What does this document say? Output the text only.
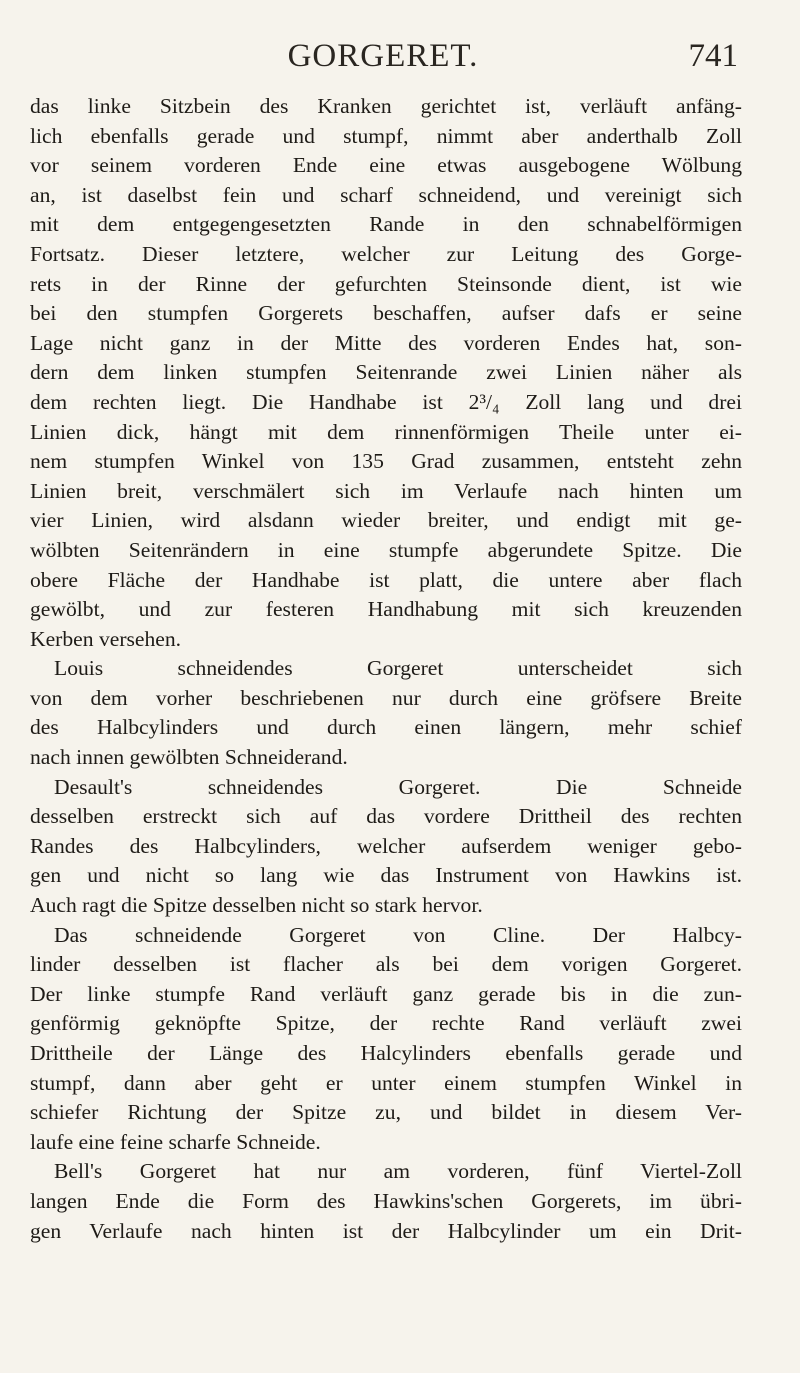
GORGERET.	741
das linke Sitzbein des Kranken gerichtet ist, verläuft anfäng-
lich ebenfalls gerade und stumpf, nimmt aber anderthalb Zoll
vor seinem vorderen Ende eine etwas ausgebogene Wölbung
an, ist daselbst fein und scharf schneidend, und vereinigt sich
mit dem entgegengesetzten Rande in den schnabelförmigen
Fortsatz. Dieser letztere, welcher zur Leitung des Gorge-
rets in der Rinne der gefurchten Steinsonde dient, ist wie
bei den stumpfen Gorgerets beschaffen, aufser dafs er seine
Lage nicht ganz in der Mitte des vorderen Endes hat, son-
dern dem linken stumpfen Seitenrande zwei Linien näher als
dem rechten liegt. Die Handhabe ist 2³/₄ Zoll lang und drei
Linien dick, hängt mit dem rinnenförmigen Theile unter ei-
nem stumpfen Winkel von 135 Grad zusammen, entsteht zehn
Linien breit, verschmälert sich im Verlaufe nach hinten um
vier Linien, wird alsdann wieder breiter, und endigt mit ge-
wölbten Seitenrändern in eine stumpfe abgerundete Spitze. Die
obere Fläche der Handhabe ist platt, die untere aber flach
gewölbt, und zur festeren Handhabung mit sich kreuzenden
Kerben versehen.
Louis schneidendes Gorgeret unterscheidet sich
von dem vorher beschriebenen nur durch eine gröfsere Breite
des Halbcylinders und durch einen längern, mehr schief
nach innen gewölbten Schneiderand.
Desault's schneidendes Gorgeret. Die Schneide
desselben erstreckt sich auf das vordere Drittheil des rechten
Randes des Halbcylinders, welcher aufserdem weniger gebo-
gen und nicht so lang wie das Instrument von Hawkins ist.
Auch ragt die Spitze desselben nicht so stark hervor.
Das schneidende Gorgeret von Cline. Der Halbcy-
linder desselben ist flacher als bei dem vorigen Gorgeret.
Der linke stumpfe Rand verläuft ganz gerade bis in die zun-
genförmig geknöpfte Spitze, der rechte Rand verläuft zwei
Drittheile der Länge des Halcylinders ebenfalls gerade und
stumpf, dann aber geht er unter einem stumpfen Winkel in
schiefer Richtung der Spitze zu, und bildet in diesem Ver-
laufe eine feine scharfe Schneide.
Bell's Gorgeret hat nur am vorderen, fünf Viertel-Zoll
langen Ende die Form des Hawkins'schen Gorgerets, im übri-
gen Verlaufe nach hinten ist der Halbcylinder um ein Drit-
